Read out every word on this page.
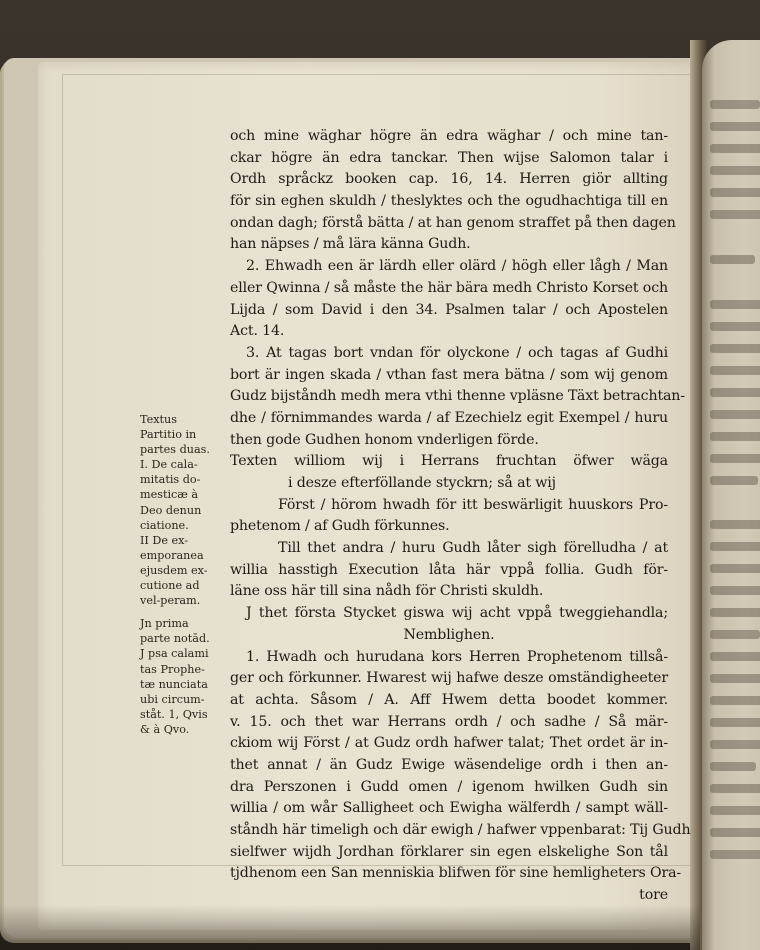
och mine wäghar högre än edra wäghar / och mine tan-
ckar högre än edra tanckar. Then wijse Salomon talar i
Ordh språckz booken cap. 16, 14. Herren giör allting
för sin eghen skuldh / theslyktes och the ogudhachtiga till en
ondan dagh; förstå bätta / at han genom straffet på then dagen
han näpses / må lära känna Gudh.
2. Ehwadh een är lärdh eller olärd / högh eller lågh / Man
eller Qwinna / så måste the här bära medh Christo Korset och
Lijda / som David i den 34. Psalmen talar / och Apostelen
Act. 14.
3. At tagas bort vndan för olyckone / och tagas af Gudhi
bort är ingen skada / vthan fast mera bätna / som wij genom
Gudz bijståndh medh mera vthi thenne vpläsne Täxt betrachtan-
dhe / förnimmandes warda / af Ezechielz egit Exempel / huru
then gode Gudhen honom vnderligen förde.
Texten williom wij i Herrans fruchtan öfwer wäga
i desze efterföllande styckrn; så at wij
Först / hörom hwadh för itt beswärligit huuskors Pro-
phetenom / af Gudh förkunnes.
Till thet andra / huru Gudh låter sigh förelludha / at
willia hasstigh Execution låta här vppå follia. Gudh för-
läne oss här till sina nådh för Christi skuldh.
J thet första Stycket giswa wij acht vppå tweggiehandla;
Nemblighen.
1. Hwadh och hurudana kors Herren Prophetenom tillså-
ger och förkunner. Hwarest wij hafwe desze omständigheeter
at achta. Såsom / A. Aff Hwem detta boodet kommer.
v. 15. och thet war Herrans ordh / och sadhe / Så mär-
ckiom wij Först / at Gudz ordh hafwer talat; Thet ordet är in-
thet annat / än Gudz Ewige wäsendelige ordh i then an-
dra Perszonen i Gudd omen / igenom hwilken Gudh sin
willia / om wår Salligheet och Ewigha wälferdh / sampt wäll-
ståndh här timeligh och där ewigh / hafwer vppenbarat: Tij Gudh
sielfwer wijdh Jordhan förklarer sin egen elskelighe Son tål
tjdhenom een San menniskia blifwen för sine hemligheters Ora-
tore
Textus
Partitio in
partes duas.
I. De cala-
mitatis do-
mesticæ à
Deo denun
ciatione.
II De ex-
emporanea
ejusdem ex-
cutione ad
vel-peram.
Jn prima
parte notād.
J psa calami
tas Prophe-
tæ nunciata
ubi circum-
ståt. 1, Qvis
& à Qvo.
